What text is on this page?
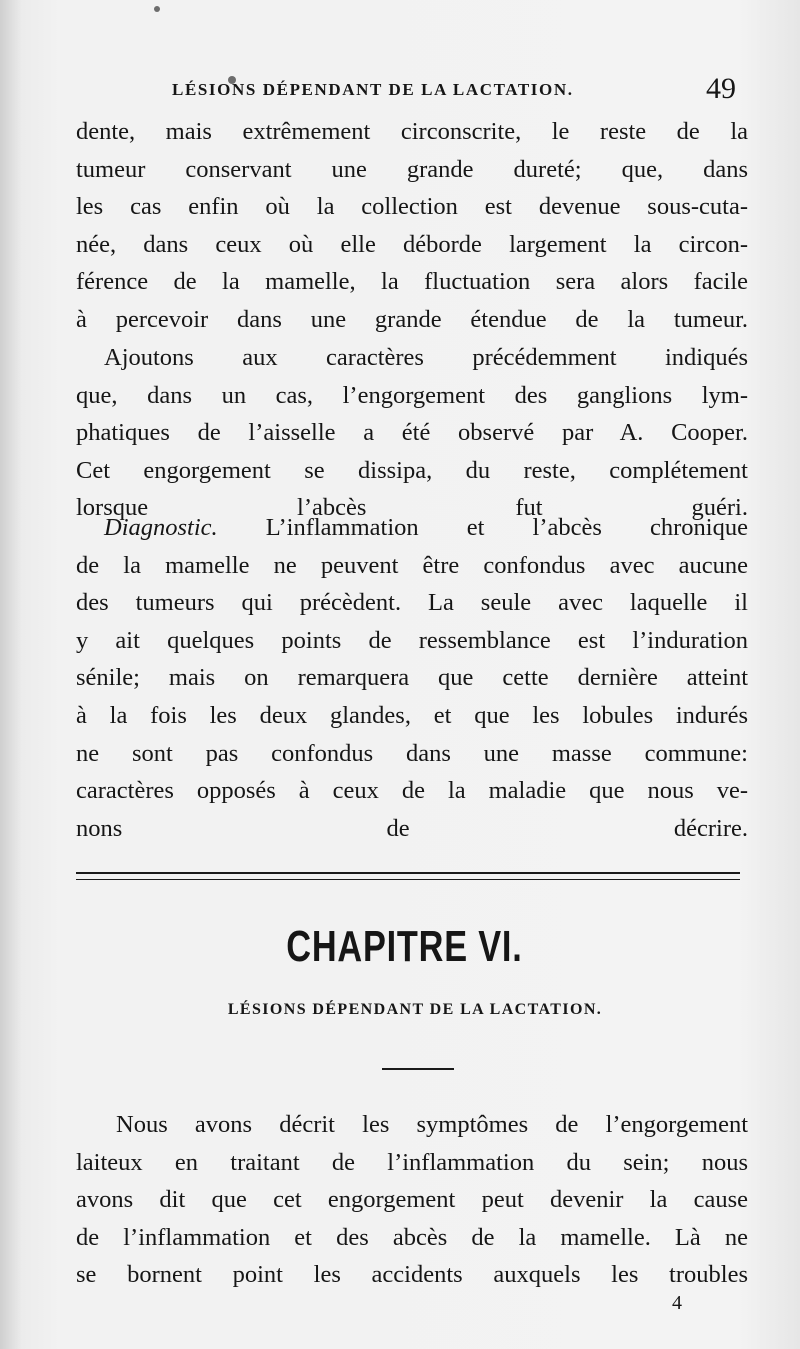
LÉSIONS DÉPENDANT DE LA LACTATION.	49
dente, mais extrêmement circonscrite, le reste de la
tumeur conservant une grande dureté; que, dans
les cas enfin où la collection est devenue sous-cuta-
née, dans ceux où elle déborde largement la circon-
férence de la mamelle, la fluctuation sera alors facile
à percevoir dans une grande étendue de la tumeur.
Ajoutons aux caractères précédemment indiqués
que, dans un cas, l’engorgement des ganglions lym-
phatiques de l’aisselle a été observé par A. Cooper.
Cet engorgement se dissipa, du reste, complétement
lorsque l’abcès fut guéri.
Diagnostic. L’inflammation et l’abcès chronique
de la mamelle ne peuvent être confondus avec aucune
des tumeurs qui précèdent. La seule avec laquelle il
y ait quelques points de ressemblance est l’induration
sénile; mais on remarquera que cette dernière atteint
à la fois les deux glandes, et que les lobules indurés
ne sont pas confondus dans une masse commune:
caractères opposés à ceux de la maladie que nous ve-
nons de décrire.
CHAPITRE VI.
LÉSIONS DÉPENDANT DE LA LACTATION.
Nous avons décrit les symptômes de l’engorgement
laiteux en traitant de l’inflammation du sein; nous
avons dit que cet engorgement peut devenir la cause
de l’inflammation et des abcès de la mamelle. Là ne
se bornent point les accidents auxquels les troubles
4
